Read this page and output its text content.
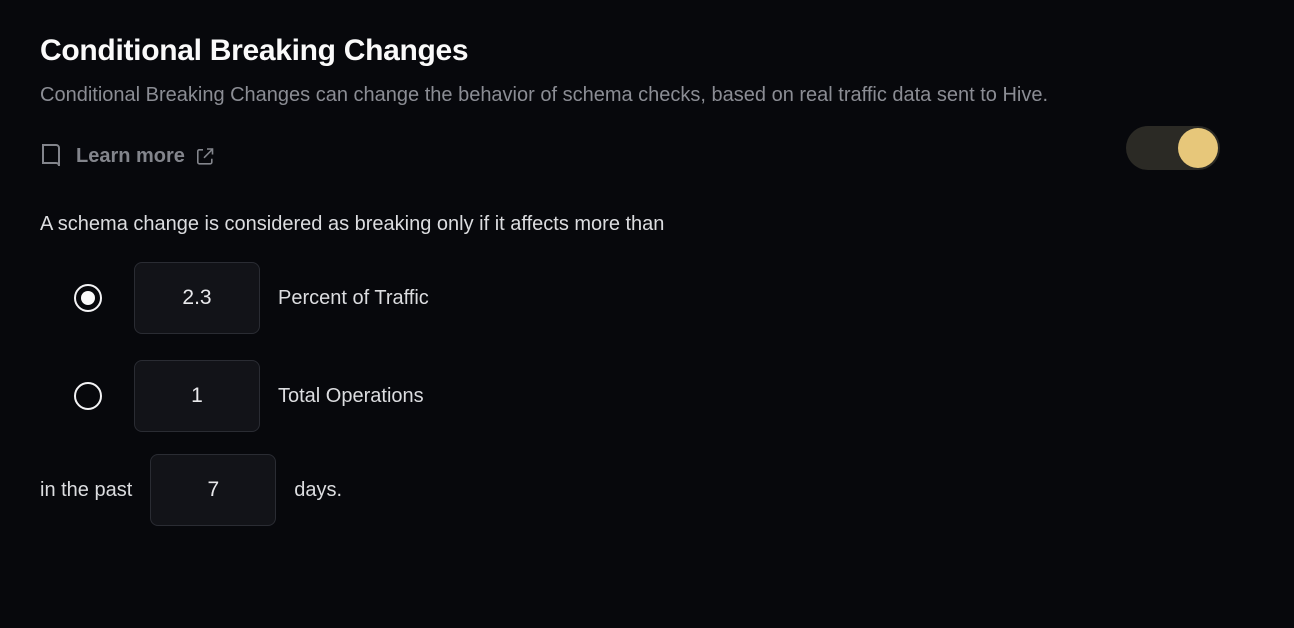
Conditional Breaking Changes

Conditional Breaking Changes can change the behavior of schema checks, based on real traffic data sent to Hive.

Learn more
A schema change is considered as breaking only if it affects more than
2.3
Percent of Traffic
1
Total Operations
in the past
7	days.
